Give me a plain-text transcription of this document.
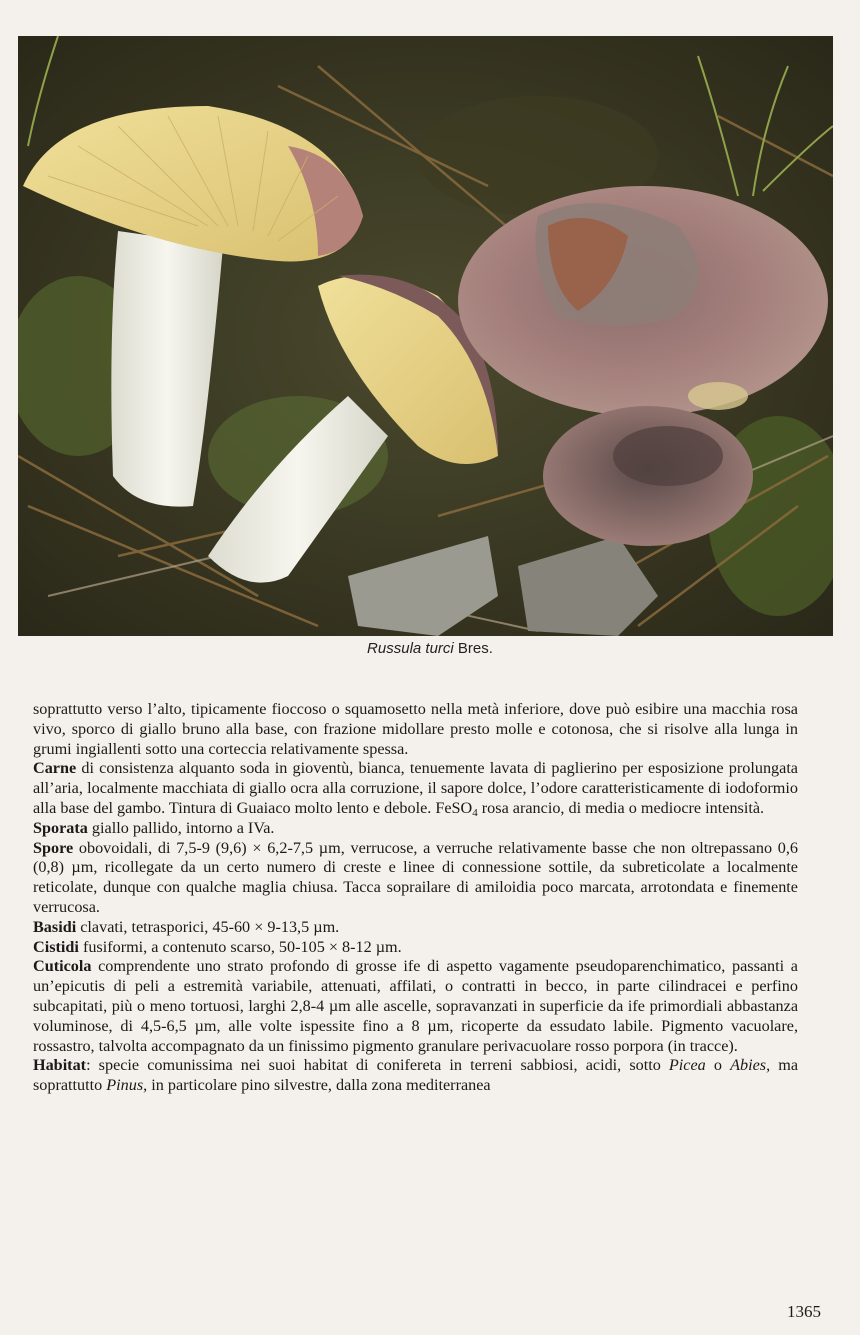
Russula turci Bres.

soprattutto verso l’alto, tipicamente fioccoso o squamosetto nella metà inferiore, dove può esibire una macchia rosa vivo, sporco di giallo bruno alla base, con frazione midollare presto molle e cotonosa, che si risolve alla lunga in grumi ingiallenti sotto una corteccia relativamente spessa.

Carne di consistenza alquanto soda in gioventù, bianca, tenuemente lavata di paglierino per esposizione prolungata all’aria, localmente macchiata di giallo ocra alla corruzione, il sapore dolce, l’odore caratteristicamente di iodoformio alla base del gambo. Tintura di Guaiaco molto lento e debole. FeSO$_4$ rosa arancio, di media o mediocre intensità.

Sporata giallo pallido, intorno a IVa.

Spore obovoidali, di 7,5-9 (9,6) × 6,2-7,5 µm, verrucose, a verruche relativamente basse che non oltrepassano 0,6 (0,8) µm, ricollegate da un certo numero di creste e linee di connessione sottile, da subreticolate a localmente reticolate, dunque con qualche maglia chiusa. Tacca soprailare di amiloidia poco marcata, arrotondata e finemente verrucosa.

Basidi clavati, tetrasporici, 45-60 × 9-13,5 µm.

Cistidi fusiformi, a contenuto scarso, 50-105 × 8-12 µm.

Cuticola comprendente uno strato profondo di grosse ife di aspetto vagamente pseudoparenchimatico, passanti a un’epicutis di peli a estremità variabile, attenuati, affilati, o contratti in becco, in parte cilindracei e perfino subcapitati, più o meno tortuosi, larghi 2,8-4 µm alle ascelle, sopravanzati in superficie da ife primordiali abbastanza voluminose, di 4,5-6,5 µm, alle volte ispessite fino a 8 µm, ricoperte da essudato labile. Pigmento vacuolare, rossastro, talvolta accompagnato da un finissimo pigmento granulare perivacuolare rosso porpora (in tracce).

Habitat: specie comunissima nei suoi habitat di conifereta in terreni sabbiosi, acidi, sotto Picea o Abies, ma soprattutto Pinus, in particolare pino silvestre, dalla zona mediterranea

1365
